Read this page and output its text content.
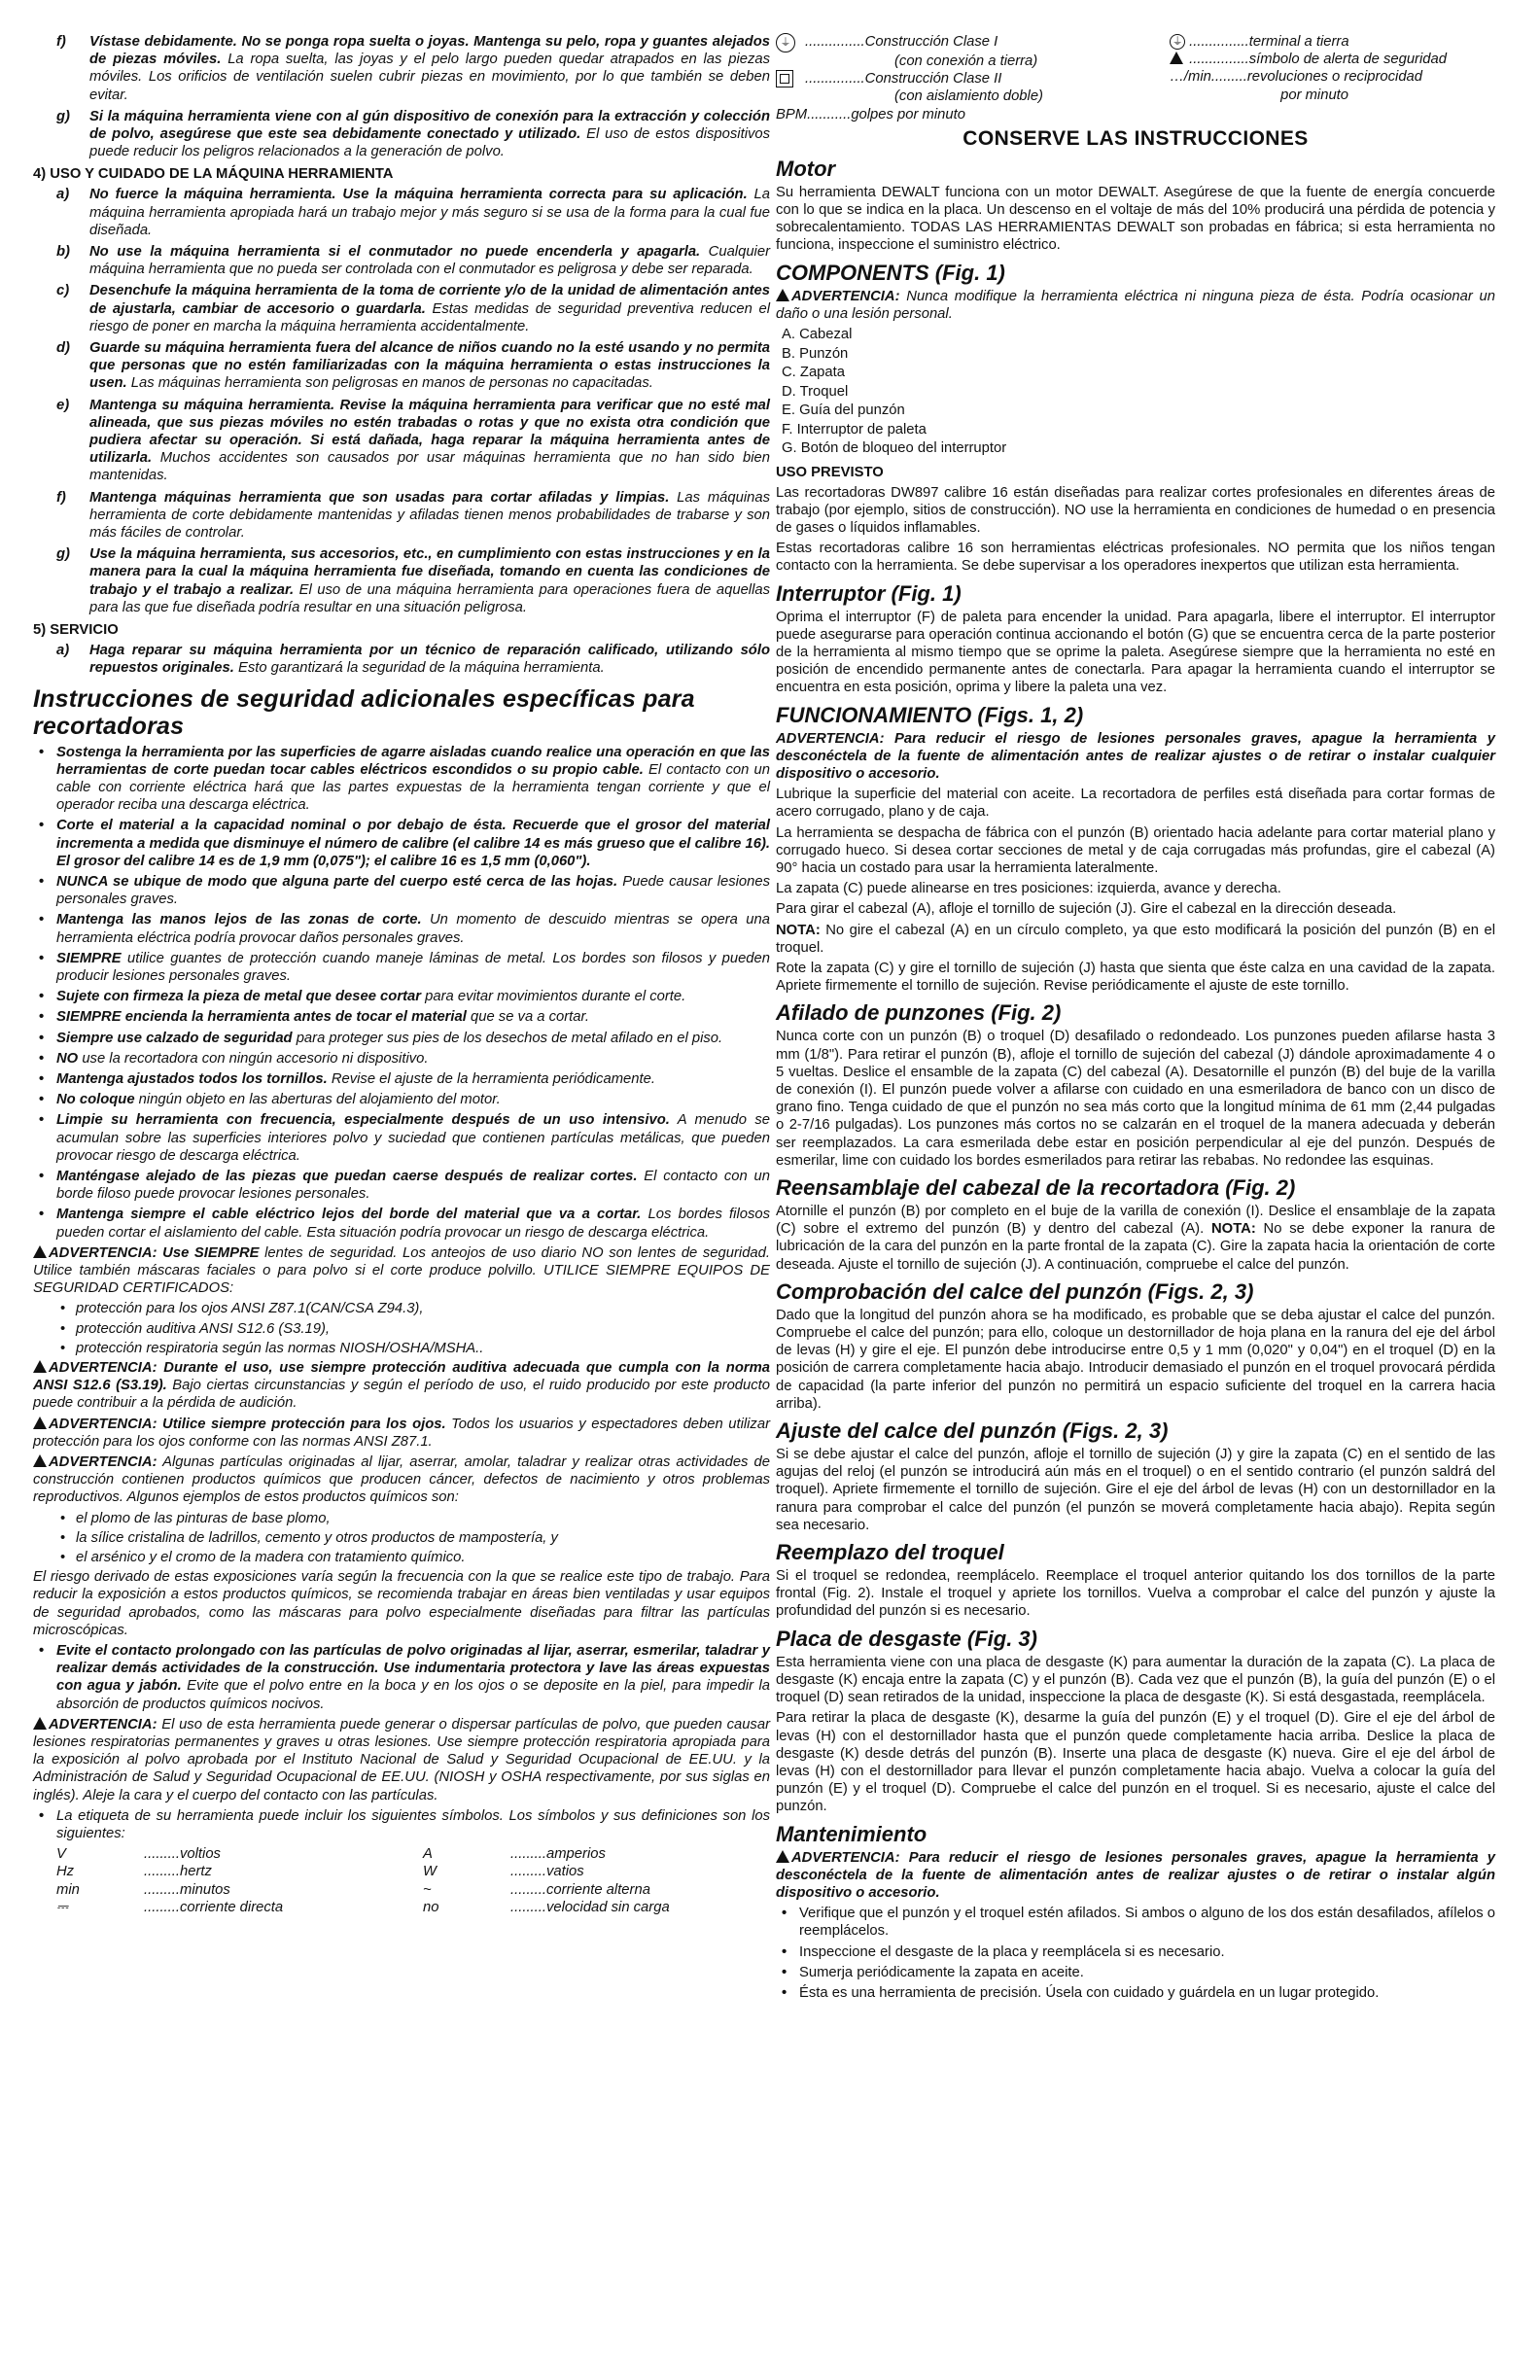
f) Vístase debidamente. No se ponga ropa suelta o joyas. Mantenga su pelo, ropa y guantes alejados de piezas móviles. La ropa suelta, las joyas y el pelo largo pueden quedar atrapados en las piezas móviles. Los orificios de ventilación suelen cubrir piezas en movimiento, por lo que también se deben evitar.

g) Si la máquina herramienta viene con al gún dispositivo de conexión para la extracción y colección de polvo, asegúrese que este sea debidamente conectado y utilizado. El uso de estos dispositivos puede reducir los peligros relacionados a la generación de polvo.

4) USO Y CUIDADO DE LA MÁQUINA HERRAMIENTA

a) No fuerce la máquina herramienta. Use la máquina herramienta correcta para su aplicación. La máquina herramienta apropiada hará un trabajo mejor y más seguro si se usa de la forma para la cual fue diseñada.

b) No use la máquina herramienta si el conmutador no puede encenderla y apagarla. Cualquier máquina herramienta que no pueda ser controlada con el conmutador es peligrosa y debe ser reparada.

c) Desenchufe la máquina herramienta de la toma de corriente y/o de la unidad de alimentación antes de ajustarla, cambiar de accesorio o guardarla. Estas medidas de seguridad preventiva reducen el riesgo de poner en marcha la máquina herramienta accidentalmente.

d) Guarde su máquina herramienta fuera del alcance de niños cuando no la esté usando y no permita que personas que no estén familiarizadas con la máquina herramienta o estas instrucciones la usen. Las máquinas herramienta son peligrosas en manos de personas no capacitadas.

e) Mantenga su máquina herramienta. Revise la máquina herramienta para verificar que no esté mal alineada, que sus piezas móviles no estén trabadas o rotas y que no exista otra condición que pudiera afectar su operación. Si está dañada, haga reparar la máquina herramienta antes de utilizarla. Muchos accidentes son causados por usar máquinas herramienta que no han sido bien mantenidas.

f) Mantenga máquinas herramienta que son usadas para cortar afiladas y limpias. Las máquinas herramienta de corte debidamente mantenidas y afiladas tienen menos probabilidades de trabarse y son más fáciles de controlar.

g) Use la máquina herramienta, sus accesorios, etc., en cumplimiento con estas instrucciones y en la manera para la cual la máquina herramienta fue diseñada, tomando en cuenta las condiciones de trabajo y el trabajo a realizar. El uso de una máquina herramienta para operaciones fuera de aquellas para las que fue diseñada podría resultar en una situación peligrosa.

5) SERVICIO

a) Haga reparar su máquina herramienta por un técnico de reparación calificado, utilizando sólo repuestos originales. Esto garantizará la seguridad de la máquina herramienta.

Instrucciones de seguridad adicionales específicas para recortadoras

• Sostenga la herramienta por las superficies de agarre aisladas cuando realice una operación en que las herramientas de corte puedan tocar cables eléctricos escondidos o su propio cable. El contacto con un cable con corriente eléctrica hará que las partes expuestas de la herramienta tengan corriente y que el operador reciba una descarga eléctrica.

• Corte el material a la capacidad nominal o por debajo de ésta. Recuerde que el grosor del material incrementa a medida que disminuye el número de calibre (el calibre 14 es más grueso que el calibre 16). El grosor del calibre 14 es de 1,9 mm (0,075"); el calibre 16 es 1,5 mm (0,060").

• NUNCA se ubique de modo que alguna parte del cuerpo esté cerca de las hojas. Puede causar lesiones personales graves.

• Mantenga las manos lejos de las zonas de corte. Un momento de descuido mientras se opera una herramienta eléctrica podría provocar daños personales graves.

• SIEMPRE utilice guantes de protección cuando maneje láminas de metal. Los bordes son filosos y pueden producir lesiones personales graves.

• Sujete con firmeza la pieza de metal que desee cortar para evitar movimientos durante el corte.

• SIEMPRE encienda la herramienta antes de tocar el material que se va a cortar.

• Siempre use calzado de seguridad para proteger sus pies de los desechos de metal afilado en el piso.

• NO use la recortadora con ningún accesorio ni dispositivo.

• Mantenga ajustados todos los tornillos. Revise el ajuste de la herramienta periódicamente.

• No coloque ningún objeto en las aberturas del alojamiento del motor.

• Limpie su herramienta con frecuencia, especialmente después de un uso intensivo. A menudo se acumulan sobre las superficies interiores polvo y suciedad que contienen partículas metálicas, que pueden provocar riesgo de descarga eléctrica.

• Manténgase alejado de las piezas que puedan caerse después de realizar cortes. El contacto con un borde filoso puede provocar lesiones personales.

• Mantenga siempre el cable eléctrico lejos del borde del material que va a cortar. Los bordes filosos pueden cortar el aislamiento del cable. Esta situación podría provocar un riesgo de descarga eléctrica.

ADVERTENCIA: Use SIEMPRE lentes de seguridad. Los anteojos de uso diario NO son lentes de seguridad. Utilice también máscaras faciales o para polvo si el corte produce polvillo. UTILICE SIEMPRE EQUIPOS DE SEGURIDAD CERTIFICADOS:

• protección para los ojos ANSI Z87.1(CAN/CSA Z94.3),

• protección auditiva ANSI S12.6 (S3.19),

• protección respiratoria según las normas NIOSH/OSHA/MSHA..

ADVERTENCIA: Durante el uso, use siempre protección auditiva adecuada que cumpla con la norma ANSI S12.6 (S3.19). Bajo ciertas circunstancias y según el período de uso, el ruido producido por este producto puede contribuir a la pérdida de audición.

ADVERTENCIA: Utilice siempre protección para los ojos. Todos los usuarios y espectadores deben utilizar protección para los ojos conforme con las normas ANSI Z87.1.

ADVERTENCIA: Algunas partículas originadas al lijar, aserrar, amolar, taladrar y realizar otras actividades de construcción contienen productos químicos que producen cáncer, defectos de nacimiento y otros problemas reproductivos. Algunos ejemplos de estos productos químicos son:

• el plomo de las pinturas de base plomo,

• la sílice cristalina de ladrillos, cemento y otros productos de mampostería, y

• el arsénico y el cromo de la madera con tratamiento químico.

El riesgo derivado de estas exposiciones varía según la frecuencia con la que se realice este tipo de trabajo. Para reducir la exposición a estos productos químicos, se recomienda trabajar en áreas bien ventiladas y usar equipos de seguridad aprobados, como las máscaras para polvo especialmente diseñadas para filtrar las partículas microscópicas.

• Evite el contacto prolongado con las partículas de polvo originadas al lijar, aserrar, esmerilar, taladrar y realizar demás actividades de la construcción. Use indumentaria protectora y lave las áreas expuestas con agua y jabón. Evite que el polvo entre en la boca y en los ojos o se deposite en la piel, para impedir la absorción de productos químicos nocivos.

ADVERTENCIA: El uso de esta herramienta puede generar o dispersar partículas de polvo, que pueden causar lesiones respiratorias permanentes y graves u otras lesiones. Use siempre protección respiratoria apropiada para la exposición al polvo aprobada por el Instituto Nacional de Salud y Seguridad Ocupacional de EE.UU. y la Administración de Salud y Seguridad Ocupacional de EE.UU. (NIOSH y OSHA respectivamente, por sus siglas en inglés). Aleje la cara y el cuerpo del contacto con las partículas.

• La etiqueta de su herramienta puede incluir los siguientes símbolos. Los símbolos y sus definiciones son los siguientes:

V	......... voltios	A	......... amperios
Hz	......... hertz	W	......... vatios
min	......... minutos	~	......... corriente alterna
⎓	......... corriente directa	no	......... velocidad sin carga
⏚ ............... Construcción Clase I
(con conexión a tierra)
............... Construcción Clase II
(con aislamiento doble)
BPM ........... golpes por minuto
⏚ ............... terminal a tierra
............... símbolo de alerta de seguridad
…/min ......... revoluciones o reciprocidad
por minuto
CONSERVE LAS INSTRUCCIONES
Motor

Su herramienta DEWALT funciona con un motor DEWALT. Asegúrese de que la fuente de energía concuerde con lo que se indica en la placa. Un descenso en el voltaje de más del 10% producirá una pérdida de potencia y sobrecalentamiento. TODAS LAS HERRAMIENTAS DEWALT son probadas en fábrica; si esta herramienta no funciona, inspeccione el suministro eléctrico.

COMPONENTS (Fig. 1)

ADVERTENCIA: Nunca modifique la herramienta eléctrica ni ninguna pieza de ésta. Podría ocasionar un daño o una lesión personal.

A. Cabezal
B. Punzón
C. Zapata
D. Troquel
E. Guía del punzón
F. Interruptor de paleta
G. Botón de bloqueo del interruptor
USO PREVISTO

Las recortadoras DW897 calibre 16 están diseñadas para realizar cortes profesionales en diferentes áreas de trabajo (por ejemplo, sitios de construcción). NO use la herramienta en condiciones de humedad o en presencia de gases o líquidos inflamables.

Estas recortadoras calibre 16 son herramientas eléctricas profesionales. NO permita que los niños tengan contacto con la herramienta. Se debe supervisar a los operadores inexpertos que utilizan esta herramienta.

Interruptor (Fig. 1)

Oprima el interruptor (F) de paleta para encender la unidad. Para apagarla, libere el interruptor. El interruptor puede asegurarse para operación continua accionando el botón (G) que se encuentra cerca de la parte posterior de la herramienta al mismo tiempo que se oprime la paleta. Asegúrese siempre que la herramienta no esté en posición de encendido permanente antes de conectarla. Para apagar la herramienta cuando el interruptor se encuentra en esta posición, oprima y libere la paleta una vez.

FUNCIONAMIENTO (Figs. 1, 2)

ADVERTENCIA: Para reducir el riesgo de lesiones personales graves, apague la herramienta y desconéctela de la fuente de alimentación antes de realizar ajustes o de retirar o instalar cualquier dispositivo o accesorio.

Lubrique la superficie del material con aceite. La recortadora de perfiles está diseñada para cortar formas de acero corrugado, plano y de caja.

La herramienta se despacha de fábrica con el punzón (B) orientado hacia adelante para cortar material plano y corrugado hueco. Si desea cortar secciones de metal y de caja corrugadas más profundas, gire el cabezal (A) 90° hacia un costado para usar la herramienta lateralmente.

La zapata (C) puede alinearse en tres posiciones: izquierda, avance y derecha.

Para girar el cabezal (A), afloje el tornillo de sujeción (J). Gire el cabezal en la dirección deseada.

NOTA: No gire el cabezal (A) en un círculo completo, ya que esto modificará la posición del punzón (B) en el troquel.

Rote la zapata (C) y gire el tornillo de sujeción (J) hasta que sienta que éste calza en una cavidad de la zapata. Apriete firmemente el tornillo de sujeción. Revise periódicamente el ajuste de este tornillo.

Afilado de punzones (Fig. 2)

Nunca corte con un punzón (B) o troquel (D) desafilado o redondeado. Los punzones pueden afilarse hasta 3 mm (1/8"). Para retirar el punzón (B), afloje el tornillo de sujeción del cabezal (J) dándole aproximadamente 4 o 5 vueltas. Deslice el ensamble de la zapata (C) del cabezal (A). Desatornille el punzón (B) del buje de la varilla de conexión (I). El punzón puede volver a afilarse con cuidado en una esmeriladora de banco con un disco de grano fino. Tenga cuidado de que el punzón no sea más corto que la longitud mínima de 61 mm (2,44 pulgadas o 2-7/16 pulgadas). Los punzones más cortos no se calzarán en el troquel de la manera adecuada y deberán ser reemplazados. La cara esmerilada debe estar en posición perpendicular al eje del punzón. Después de esmerilar, lime con cuidado los bordes esmerilados para retirar las rebabas. No redondee las esquinas.

Reensamblaje del cabezal de la recortadora (Fig. 2)

Atornille el punzón (B) por completo en el buje de la varilla de conexión (I). Deslice el ensamblaje de la zapata (C) sobre el extremo del punzón (B) y dentro del cabezal (A). NOTA: No se debe exponer la ranura de lubricación de la cara del punzón en la parte frontal de la zapata (C). Gire la zapata hacia la orientación de corte deseada. Ajuste el tornillo de sujeción (J). A continuación, compruebe el calce del punzón.

Comprobación del calce del punzón (Figs. 2, 3)

Dado que la longitud del punzón ahora se ha modificado, es probable que se deba ajustar el calce del punzón. Compruebe el calce del punzón; para ello, coloque un destornillador de hoja plana en la ranura del eje del árbol de levas (H) y gire el eje. El punzón debe introducirse entre 0,5 y 1 mm (0,020" y 0,04") en el troquel (D) en la posición de carrera completamente hacia abajo. Introducir demasiado el punzón en el troquel provocará pérdida de capacidad (la parte inferior del punzón no permitirá un espacio suficiente del troquel en la carrera hacia arriba).

Ajuste del calce del punzón (Figs. 2, 3)

Si se debe ajustar el calce del punzón, afloje el tornillo de sujeción (J) y gire la zapata (C) en el sentido de las agujas del reloj (el punzón se introducirá aún más en el troquel) o en el sentido contrario (el punzón saldrá del troquel). Apriete firmemente el tornillo de sujeción. Gire el eje del árbol de levas (H) con un destornillador en la ranura para comprobar el calce del punzón (el punzón se moverá completamente hacia abajo). Repita según sea necesario.

Reemplazo del troquel

Si el troquel se redondea, reemplácelo. Reemplace el troquel anterior quitando los dos tornillos de la parte frontal (Fig. 2). Instale el troquel y apriete los tornillos. Vuelva a comprobar el calce del punzón y ajuste la profundidad del punzón si es necesario.

Placa de desgaste (Fig. 3)

Esta herramienta viene con una placa de desgaste (K) para aumentar la duración de la zapata (C). La placa de desgaste (K) encaja entre la zapata (C) y el punzón (B). Cada vez que el punzón (B), la guía del punzón (E) o el troquel (D) sean retirados de la unidad, inspeccione la placa de desgaste (K). Si está desgastada, reemplácela.

Para retirar la placa de desgaste (K), desarme la guía del punzón (E) y el troquel (D). Gire el eje del árbol de levas (H) con el destornillador hasta que el punzón quede completamente hacia arriba. Deslice la placa de desgaste (K) desde detrás del punzón (B). Inserte una placa de desgaste (K) nueva. Gire el eje del árbol de levas (H) con el destornillador para llevar el punzón completamente hacia abajo. Vuelva a colocar la guía del punzón (E) y el troquel (D). Compruebe el calce del punzón en el troquel. Si es necesario, ajuste el calce del punzón.

Mantenimiento

ADVERTENCIA: Para reducir el riesgo de lesiones personales graves, apague la herramienta y desconéctela de la fuente de alimentación antes de realizar ajustes o de retirar o instalar algún dispositivo o accesorio.

• Verifique que el punzón y el troquel estén afilados. Si ambos o alguno de los dos están desafilados, afílelos o reemplácelos.

• Inspeccione el desgaste de la placa y reemplácela si es necesario.

• Sumerja periódicamente la zapata en aceite.

• Ésta es una herramienta de precisión. Úsela con cuidado y guárdela en un lugar protegido.
